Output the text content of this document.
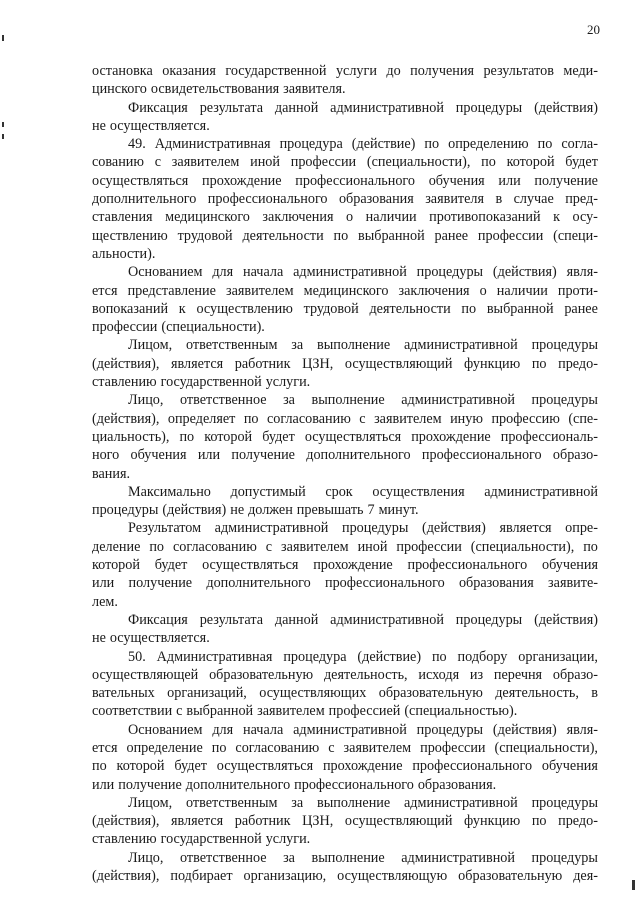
20
остановка оказания государственной услуги до получения результатов меди-
цинского освидетельствования заявителя.
Фиксация результата данной административной процедуры (действия)
не осуществляется.
49. Административная процедура (действие) по определению по согла-
сованию с заявителем иной профессии (специальности), по которой будет
осуществляться прохождение профессионального обучения или получение
дополнительного профессионального образования заявителя в случае пред-
ставления медицинского заключения о наличии противопоказаний к осу-
ществлению трудовой деятельности по выбранной ранее профессии (специ-
альности).
Основанием для начала административной процедуры (действия) явля-
ется представление заявителем медицинского заключения о наличии проти-
вопоказаний к осуществлению трудовой деятельности по выбранной ранее
профессии (специальности).
Лицом, ответственным за выполнение административной процедуры
(действия), является работник ЦЗН, осуществляющий функцию по предо-
ставлению государственной услуги.
Лицо, ответственное за выполнение административной процедуры
(действия), определяет по согласованию с заявителем иную профессию (спе-
циальность), по которой будет осуществляться прохождение профессиональ-
ного обучения или получение дополнительного профессионального образо-
вания.
Максимально допустимый срок осуществления административной
процедуры (действия) не должен превышать 7 минут.
Результатом административной процедуры (действия) является опре-
деление по согласованию с заявителем иной профессии (специальности), по
которой будет осуществляться прохождение профессионального обучения
или получение дополнительного профессионального образования заявите-
лем.
Фиксация результата данной административной процедуры (действия)
не осуществляется.
50. Административная процедура (действие) по подбору организации,
осуществляющей образовательную деятельность, исходя из перечня образо-
вательных организаций, осуществляющих образовательную деятельность, в
соответствии с выбранной заявителем профессией (специальностью).
Основанием для начала административной процедуры (действия) явля-
ется определение по согласованию с заявителем профессии (специальности),
по которой будет осуществляться прохождение профессионального обучения
или получение дополнительного профессионального образования.
Лицом, ответственным за выполнение административной процедуры
(действия), является работник ЦЗН, осуществляющий функцию по предо-
ставлению государственной услуги.
Лицо, ответственное за выполнение административной процедуры
(действия), подбирает организацию, осуществляющую образовательную дея-
